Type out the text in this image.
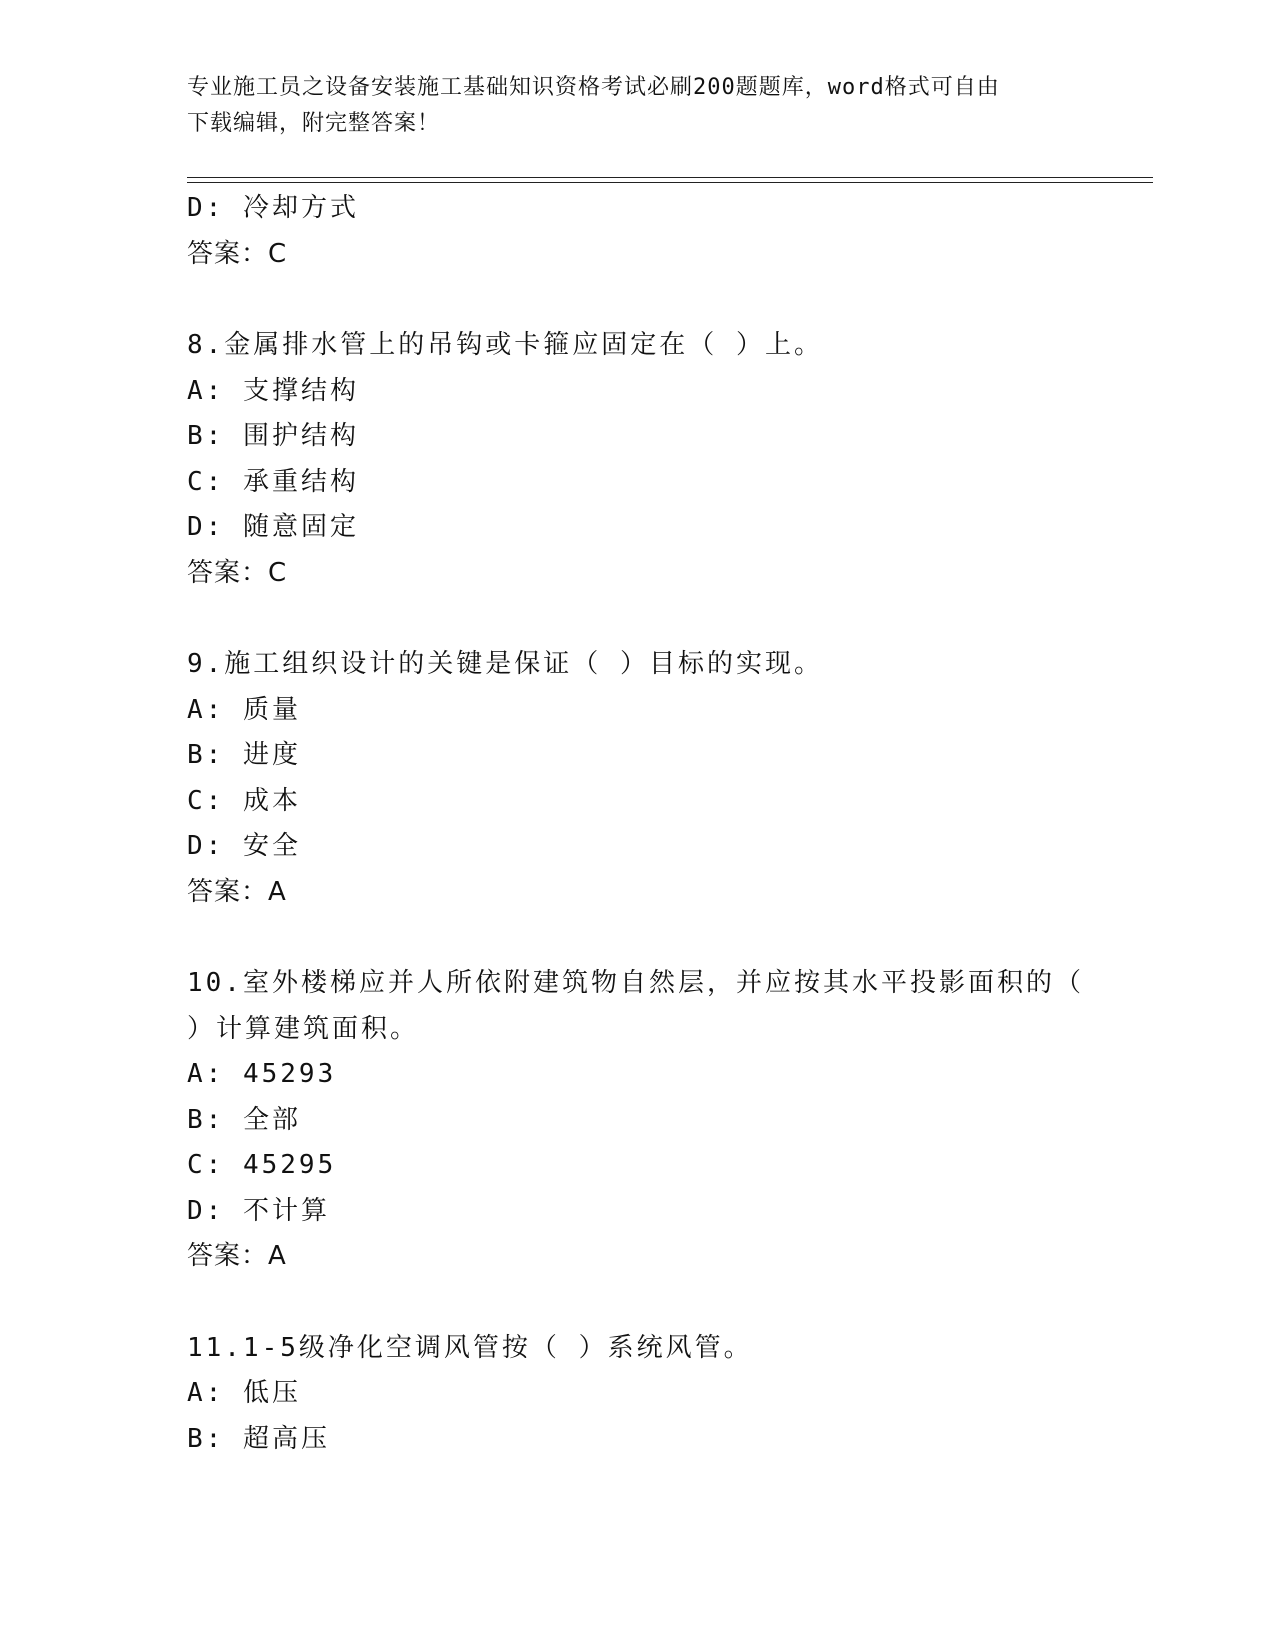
专业施工员之设备安装施工基础知识资格考试必刷200题题库，word格式可自由
下载编辑，附完整答案！
D: 冷却方式
答案：C
8.金属排水管上的吊钩或卡箍应固定在（ ）上。
A: 支撑结构
B: 围护结构
C: 承重结构
D: 随意固定
答案：C
9.施工组织设计的关键是保证（ ）目标的实现。
A: 质量
B: 进度
C: 成本
D: 安全
答案：A
10.室外楼梯应并人所依附建筑物自然层，并应按其水平投影面积的（
）计算建筑面积。
A: 45293
B: 全部
C: 45295
D: 不计算
答案：A
11.1-5级净化空调风管按（ ）系统风管。
A: 低压
B: 超高压
